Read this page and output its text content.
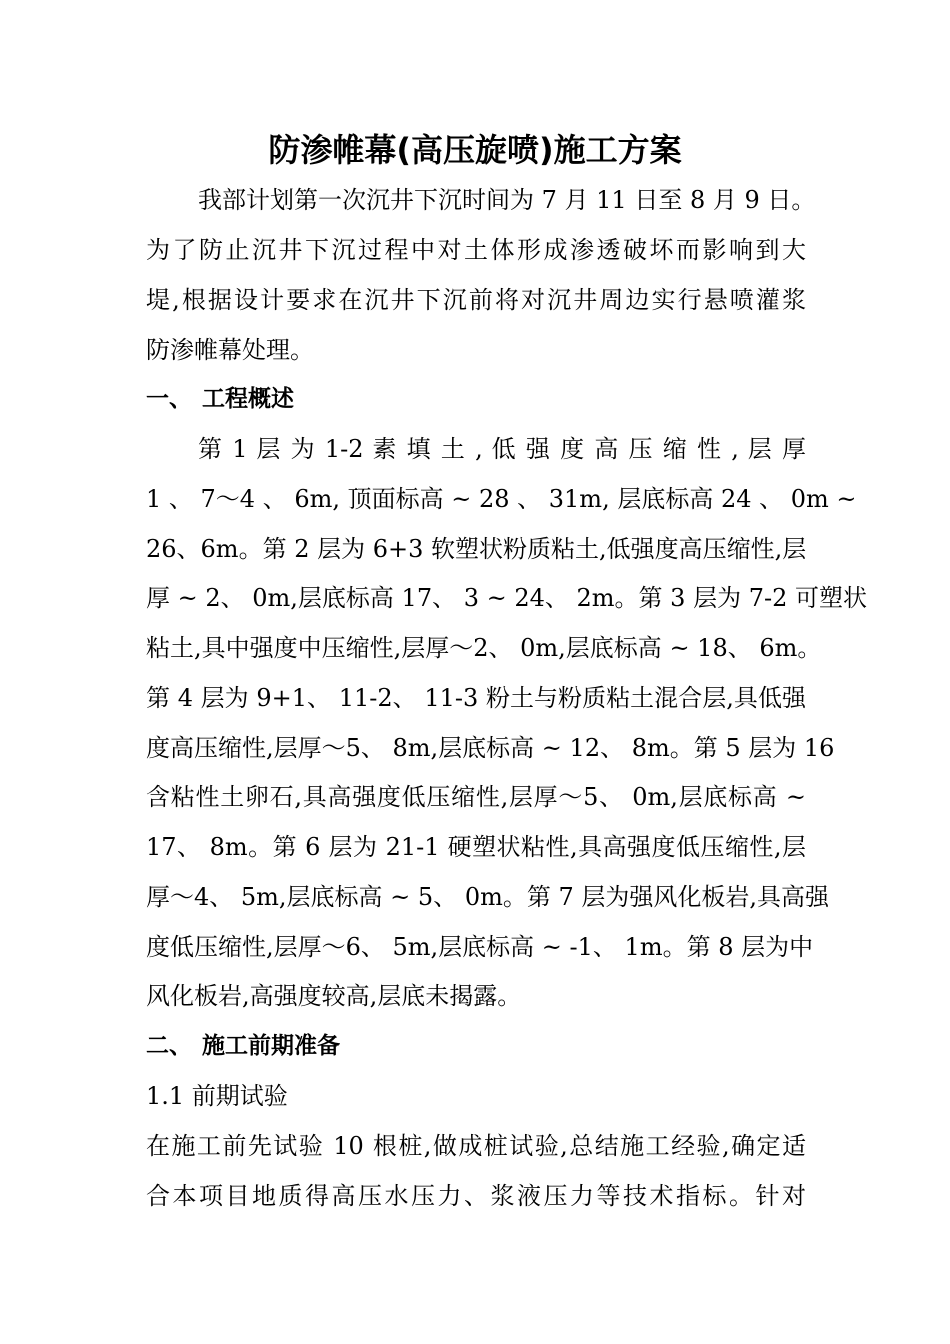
防渗帷幕(高压旋喷)施工方案

我部计划第一次沉井下沉时间为 7 月 11 日至 8 月 9 日。

为了防止沉井下沉过程中对土体形成渗透破坏而影响到大

堤,根据设计要求在沉井下沉前将对沉井周边实行悬喷灌浆

防渗帷幕处理。

一、 工程概述

第 1 层 为 1-2 素 填 土 , 低 强 度 高 压 缩 性 , 层 厚

1 、 7～4 、 6m, 顶面标高 ~ 28 、 31m, 层底标高 24 、 0m ~

26、6m。第 2 层为 6+3 软塑状粉质粘土,低强度高压缩性,层

厚 ~ 2、 0m,层底标高 17、 3 ~ 24、 2m。第 3 层为 7-2 可塑状

粘土,具中强度中压缩性,层厚～2、 0m,层底标高 ~ 18、 6m。

第 4 层为 9+1、 11-2、 11-3 粉土与粉质粘土混合层,具低强

度高压缩性,层厚～5、 8m,层底标高 ~ 12、 8m。第 5 层为 16

含粘性土卵石,具高强度低压缩性,层厚～5、 0m,层底标高 ~

17、 8m。第 6 层为 21-1 硬塑状粘性,具高强度低压缩性,层

厚～4、 5m,层底标高 ~ 5、 0m。第 7 层为强风化板岩,具高强

度低压缩性,层厚～6、 5m,层底标高 ~ -1、 1m。第 8 层为中

风化板岩,高强度较高,层底未揭露。

二、 施工前期准备

1.1 前期试验

在施工前先试验 10 根桩,做成桩试验,总结施工经验,确定适

合本项目地质得高压水压力、浆液压力等技术指标。针对
